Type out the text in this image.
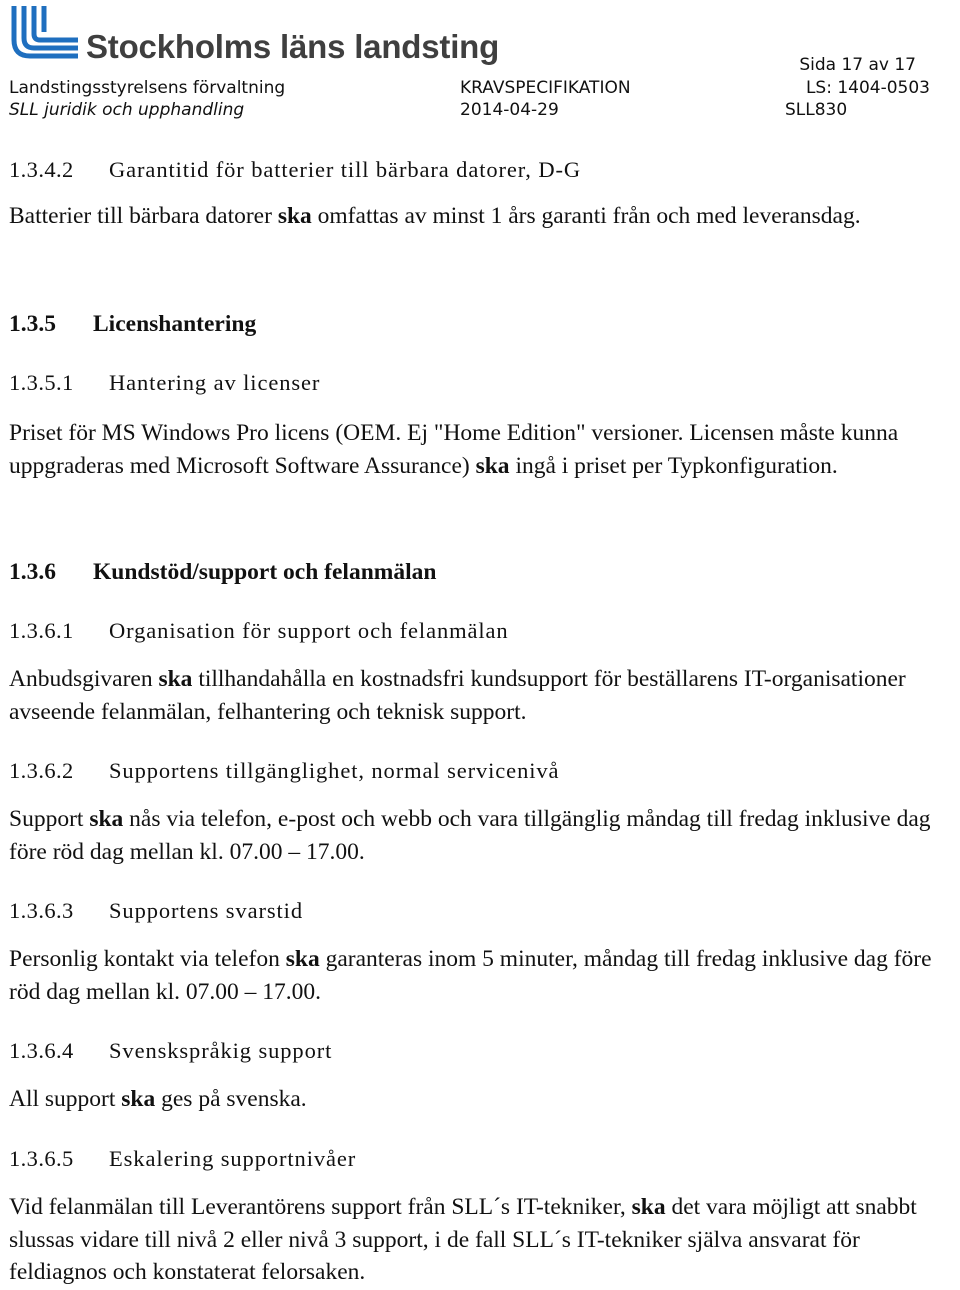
Stockholms läns landsting	Sida 17 av 17
Landstingsstyrelsens förvaltning	KRAVSPECIFIKATION	LS: 1404-0503
SLL juridik och upphandling	2014-04-29	SLL830
1.3.4.2 Garantitid för batterier till bärbara datorer, D-G

Batterier till bärbara datorer ska omfattas av minst 1 års garanti från och med leveransdag.

1.3.5 Licenshantering
1.3.5.1 Hantering av licenser

Priset för MS Windows Pro licens (OEM. Ej "Home Edition" versioner. Licensen måste kunna uppgraderas med Microsoft Software Assurance) ska ingå i priset per Typkonfiguration.

1.3.6 Kundstöd/support och felanmälan
1.3.6.1 Organisation för support och felanmälan

Anbudsgivaren ska tillhandahålla en kostnadsfri kundsupport för beställarens IT-organisationer avseende felanmälan, felhantering och teknisk support.

1.3.6.2 Supportens tillgänglighet, normal servicenivå

Support ska nås via telefon, e-post och webb och vara tillgänglig måndag till fredag inklusive dag före röd dag mellan kl. 07.00 – 17.00.

1.3.6.3 Supportens svarstid

Personlig kontakt via telefon ska garanteras inom 5 minuter, måndag till fredag inklusive dag före röd dag mellan kl. 07.00 – 17.00.

1.3.6.4 Svenskspråkig support

All support ska ges på svenska.

1.3.6.5 Eskalering supportnivåer

Vid felanmälan till Leverantörens support från SLL´s IT-tekniker, ska det vara möjligt att snabbt slussas vidare till nivå 2 eller nivå 3 support, i de fall SLL´s IT-tekniker själva ansvarat för feldiagnos och konstaterat felorsaken.
